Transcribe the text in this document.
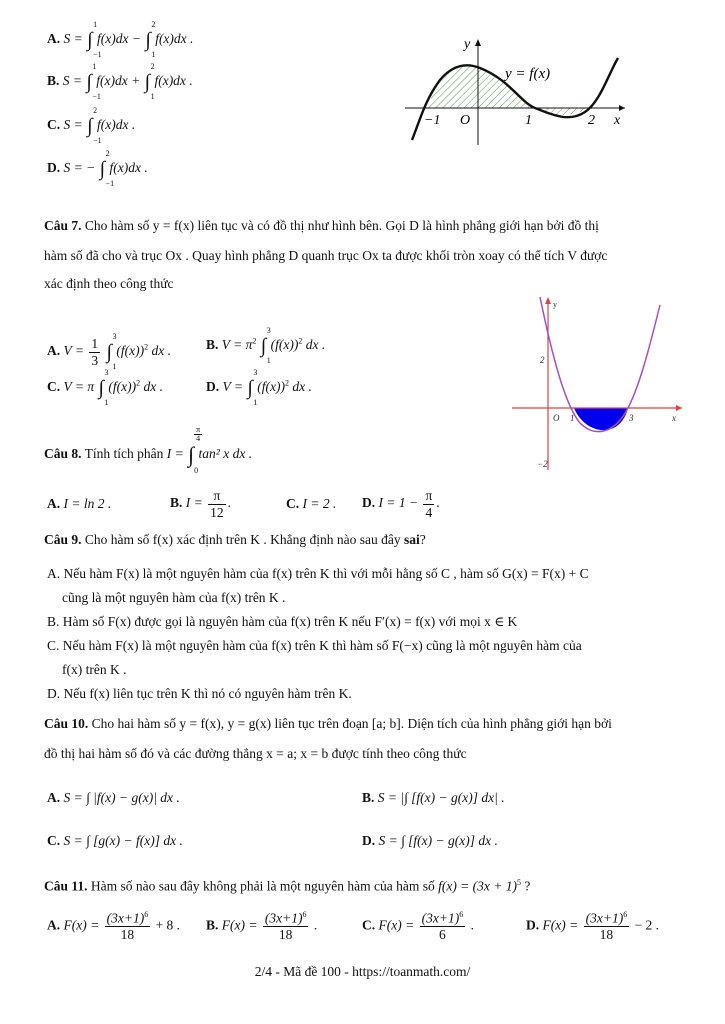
A. S = ∫
1
−1
f(x)dx − ∫
2
1
f(x)dx .
B. S = ∫
1
−1
f(x)dx + ∫
2
1
f(x)dx .
C. S = ∫
2
−1
f(x)dx .
D. S = − ∫
2
−1
f(x)dx .
y
y = f(x)
−1 O	1	2 x
Câu 7. Cho hàm số y = f(x) liên tục và có đồ thị như hình bên. Gọi D là hình phẳng giới hạn bởi đồ thị
hàm số đã cho và trục Ox . Quay hình phẳng D quanh trục Ox ta được khối tròn xoay có thể tích V được
xác định theo công thức
A. $V = \frac{1}{3}$ ∫
3
1
$(f(x))^2$ dx .	B. $V = \pi^2$ ∫
3
1
$(f(x))^2$ dx .
C. V = π ∫
3
1
$(f(x))^2$ dx .	D. V = ∫
3
1
$(f(x))^2$ dx .
y
O 1	3
2
−2
x
Câu 8. Tính tích phân I = ∫
$\frac{\pi}{4}$
0
tan² x dx .
A. I = ln 2 .	B. $I = \frac{\pi}{12}$ .	C. I = 2 . D. $I = 1 - \frac{\pi}{4}$ .
Câu 9. Cho hàm số f(x) xác định trên K . Khẳng định nào sau đây sai?
A. Nếu hàm F(x) là một nguyên hàm của f(x) trên K thì với mỗi hằng số C , hàm số G(x) = F(x) + C
cũng là một nguyên hàm của f(x) trên K .
B. Hàm số F(x) được gọi là nguyên hàm của f(x) trên K nếu F′(x) = f(x) với mọi x ∈ K
C. Nếu hàm F(x) là một nguyên hàm của f(x) trên K thì hàm số F(−x) cũng là một nguyên hàm của
f(x) trên K .
D. Nếu f(x) liên tục trên K thì nó có nguyên hàm trên K.
Câu 10. Cho hai hàm số y = f(x), y = g(x) liên tục trên đoạn [a; b]. Diện tích của hình phẳng giới hạn bởi
đồ thị hai hàm số đó và các đường thẳng x = a; x = b được tính theo công thức
A. S = ∫ |f(x) − g(x)| dx .	B. S = |∫ [f(x) − g(x)] dx| .
C. S = ∫ [g(x) − f(x)] dx .	D. S = ∫ [f(x) − g(x)] dx .
Câu 11. Hàm số nào sau đây không phải là một nguyên hàm của hàm số $f(x) = (3x + 1)^5$ ?
A. $F(x) = \frac{(3x+1)^6}{18} + 8$ . B. $F(x) = \frac{(3x+1)^6}{18}$ .	C. $F(x) = \frac{(3x+1)^6}{6}$ .	D. $F(x) = \frac{(3x+1)^6}{18} - 2$ .
2/4 - Mã đề 100 - https://toanmath.com/
